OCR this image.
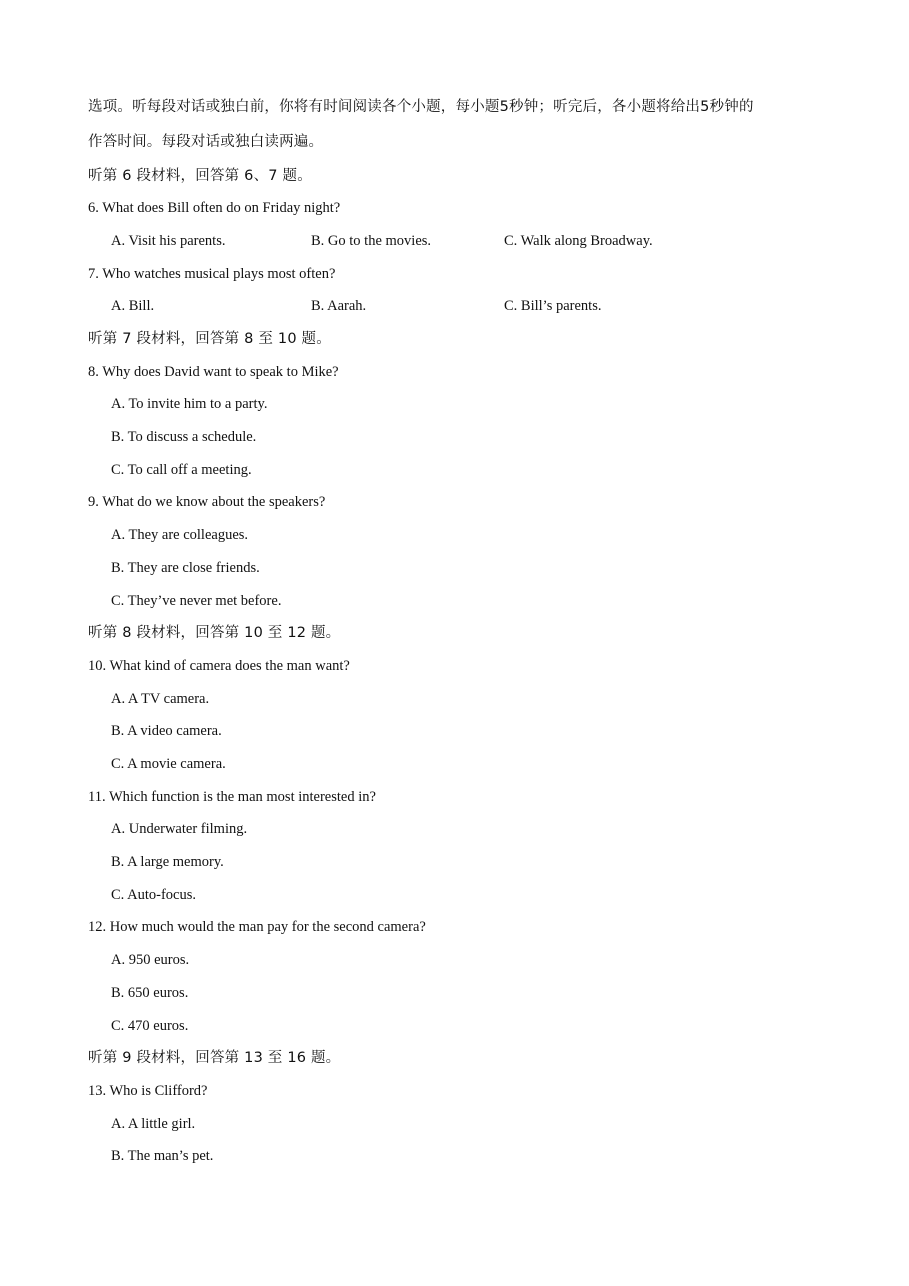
选项。听每段对话或独白前，你将有时间阅读各个小题，每小题5秒钟；听完后，各小题将给出5秒钟的
作答时间。每段对话或独白读两遍。
听第 6 段材料，回答第 6、7 题。
6. What does Bill often do on Friday night?
A. Visit his parents.	B. Go to the movies.	C. Walk along Broadway.
7. Who watches musical plays most often?
A. Bill.	B. Aarah.	C. Bill’s parents.
听第 7 段材料，回答第 8 至 10 题。
8. Why does David want to speak to Mike?
A. To invite him to a party.
B. To discuss a schedule.
C. To call off a meeting.
9. What do we know about the speakers?
A. They are colleagues.
B. They are close friends.
C. They’ve never met before.
听第 8 段材料，回答第 10 至 12 题。
10. What kind of camera does the man want?
A. A TV camera.
B. A video camera.
C. A movie camera.
11. Which function is the man most interested in?
A. Underwater filming.
B. A large memory.
C. Auto-focus.
12. How much would the man pay for the second camera?
A. 950 euros.
B. 650 euros.
C. 470 euros.
听第 9 段材料，回答第 13 至 16 题。
13. Who is Clifford?
A. A little girl.
B. The man’s pet.
